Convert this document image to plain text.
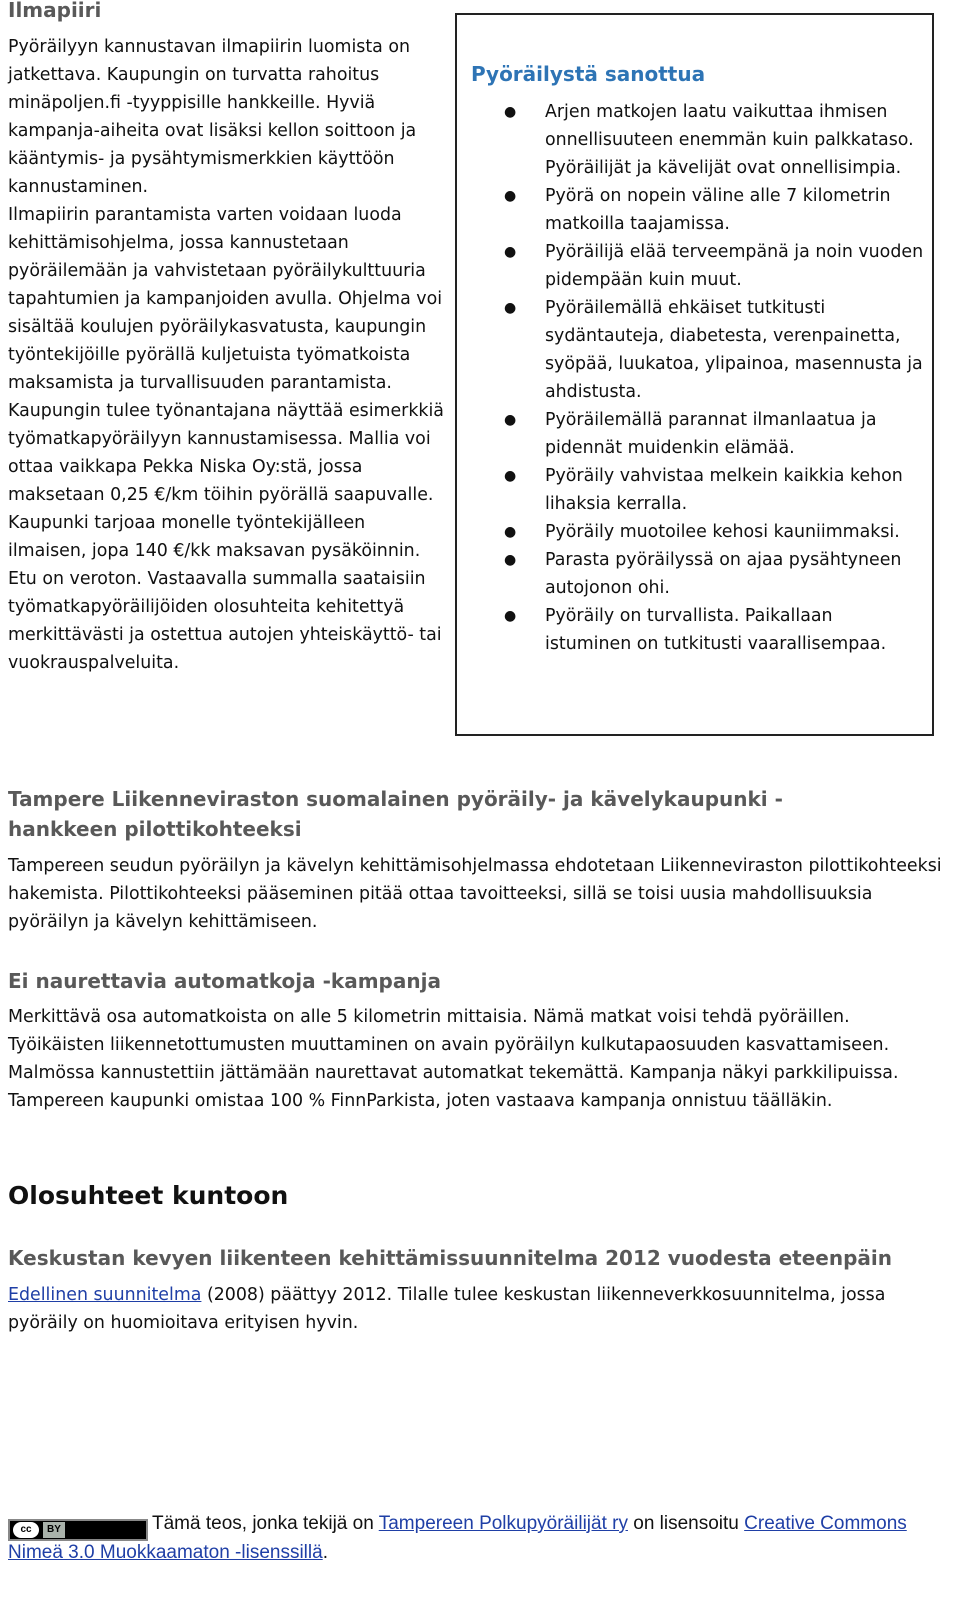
Ilmapiiri

Pyöräilyyn kannustavan ilmapiirin luomista on jatkettava. Kaupungin on turvatta rahoitus minäpoljen.fi -tyyppisille hankkeille. Hyviä kampanja-aiheita ovat lisäksi kellon soittoon ja kääntymis- ja pysähtymismerkkien käyttöön kannustaminen.

Ilmapiirin parantamista varten voidaan luoda kehittämisohjelma, jossa kannustetaan pyöräilemään ja vahvistetaan pyöräilykulttuuria tapahtumien ja kampanjoiden avulla. Ohjelma voi sisältää koulujen pyöräilykasvatusta, kaupungin työntekijöille pyörällä kuljetuista työmatkoista maksamista ja turvallisuuden parantamista.

Kaupungin tulee työnantajana näyttää esimerkkiä työmatkapyöräilyyn kannustamisessa. Mallia voi ottaa vaikkapa Pekka Niska Oy:stä, jossa maksetaan 0,25 €/km töihin pyörällä saapuvalle. Kaupunki tarjoaa monelle työntekijälleen ilmaisen, jopa 140 €/kk maksavan pysäköinnin. Etu on veroton. Vastaavalla summalla saataisiin työmatkapyöräilijöiden olosuhteita kehitettyä merkittävästi ja ostettua autojen yhteiskäyttö- tai vuokrauspalveluita.

Pyöräilystä sanottua
● Arjen matkojen laatu vaikuttaa ihmisen onnellisuuteen enemmän kuin palkkataso. Pyöräilijät ja kävelijät ovat onnellisimpia.
● Pyörä on nopein väline alle 7 kilometrin matkoilla taajamissa.
● Pyöräilijä elää terveempänä ja noin vuoden pidempään kuin muut.
● Pyöräilemällä ehkäiset tutkitusti sydäntauteja, diabetesta, verenpainetta, syöpää, luukatoa, ylipainoa, masennusta ja ahdistusta.
● Pyöräilemällä parannat ilmanlaatua ja pidennät muidenkin elämää.
● Pyöräily vahvistaa melkein kaikkia kehon lihaksia kerralla.
● Pyöräily muotoilee kehosi kauniimmaksi.
● Parasta pyöräilyssä on ajaa pysähtyneen autojonon ohi.
● Pyöräily on turvallista. Paikallaan istuminen on tutkitusti vaarallisempaa.
Tampere Liikenneviraston suomalainen pyöräily- ja kävelykaupunki -hankkeen pilottikohteeksi

Tampereen seudun pyöräilyn ja kävelyn kehittämisohjelmassa ehdotetaan Liikenneviraston pilottikohteeksi hakemista. Pilottikohteeksi pääseminen pitää ottaa tavoitteeksi, sillä se toisi uusia mahdollisuuksia pyöräilyn ja kävelyn kehittämiseen.

Ei naurettavia automatkoja -kampanja

Merkittävä osa automatkoista on alle 5 kilometrin mittaisia. Nämä matkat voisi tehdä pyöräillen. Työikäisten liikennetottumusten muuttaminen on avain pyöräilyn kulkutapaosuuden kasvattamiseen. Malmössa kannustettiin jättämään naurettavat automatkat tekemättä. Kampanja näkyi parkkilipuissa. Tampereen kaupunki omistaa 100 % FinnParkista, joten vastaava kampanja onnistuu täälläkin.

Olosuhteet kuntoon
Keskustan kevyen liikenteen kehittämissuunnitelma 2012 vuodesta eteenpäin

Edellinen suunnitelma (2008) päättyy 2012. Tilalle tulee keskustan liikenneverkkosuunnitelma, jossa pyöräily on huomioitava erityisen hyvin.

cc	BY	Tämä teos, jonka tekijä on Tampereen Polkupyöräilijät ry on lisensoitu Creative Commons Nimeä 3.0 Muokkaamaton -lisenssillä.
